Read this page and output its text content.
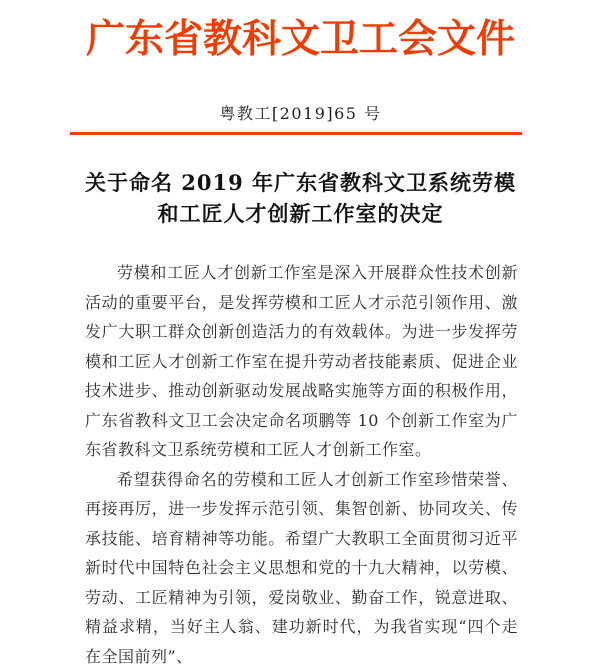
广东省教科文卫工会文件
粤教工[2019]65 号
关于命名 2019 年广东省教科文卫系统劳模
和工匠人才创新工作室的决定

劳模和工匠人才创新工作室是深入开展群众性技术创新活动的重要平台，是发挥劳模和工匠人才示范引领作用、激发广大职工群众创新创造活力的有效载体。为进一步发挥劳模和工匠人才创新工作室在提升劳动者技能素质、促进企业技术进步、推动创新驱动发展战略实施等方面的积极作用，广东省教科文卫工会决定命名项鹏等 10 个创新工作室为广东省教科文卫系统劳模和工匠人才创新工作室。

希望获得命名的劳模和工匠人才创新工作室珍惜荣誉、再接再厉，进一步发挥示范引领、集智创新、协同攻关、传承技能、培育精神等功能。希望广大教职工全面贯彻习近平新时代中国特色社会主义思想和党的十九大精神，以劳模、劳动、工匠精神为引领，爱岗敬业、勤奋工作，锐意进取、精益求精，当好主人翁、建功新时代，为我省实现“四个走在全国前列”、
